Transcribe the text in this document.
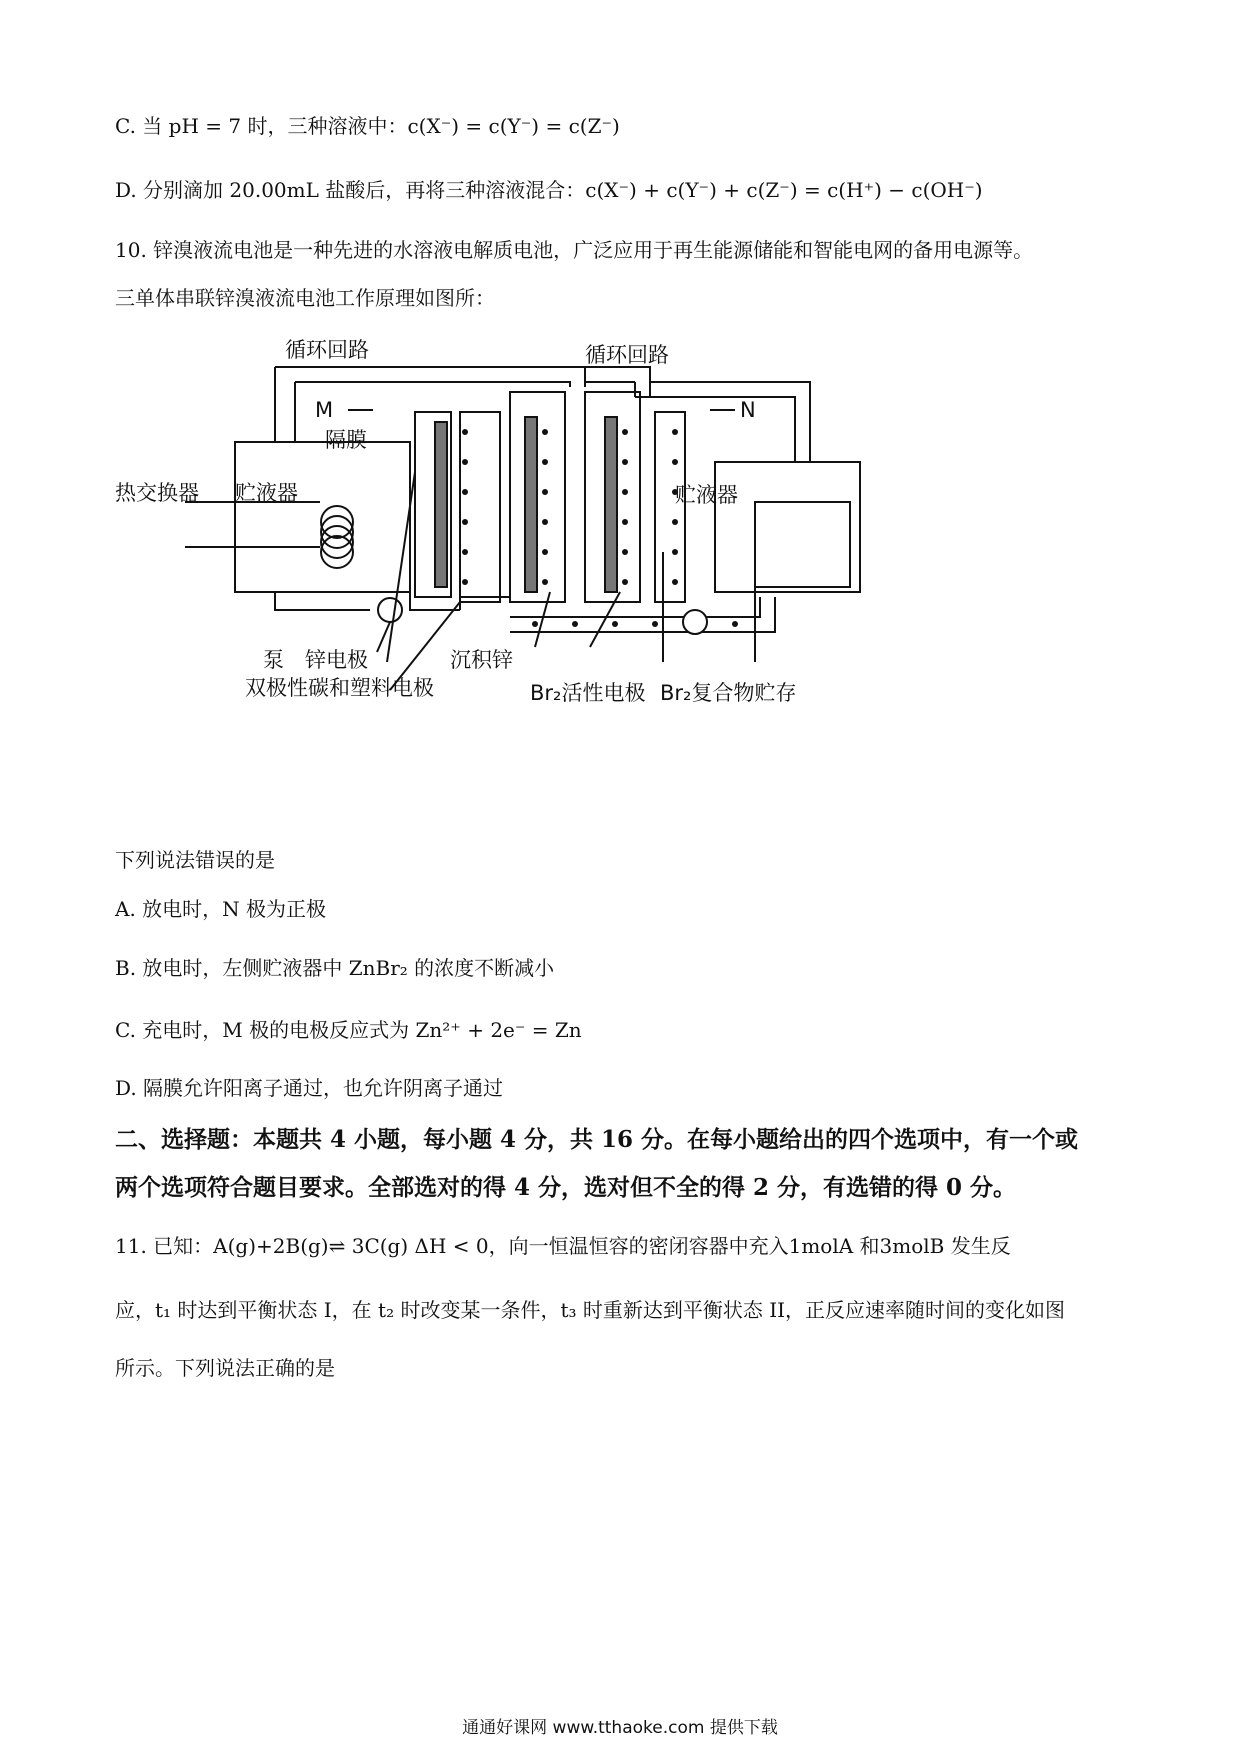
C. 当 pH = 7 时，三种溶液中：c(X⁻) = c(Y⁻) = c(Z⁻)
D. 分别滴加 20.00mL 盐酸后，再将三种溶液混合：c(X⁻) + c(Y⁻) + c(Z⁻) = c(H⁺) − c(OH⁻)
10. 锌溴液流电池是一种先进的水溶液电解质电池，广泛应用于再生能源储能和智能电网的备用电源等。
三单体串联锌溴液流电池工作原理如图所：
循环回路	循环回路
M	N
隔膜
热交换器 贮液器	贮液器
泵 锌电极	沉积锌
双极性碳和塑料电极	Br₂活性电极 Br₂复合物贮存
下列说法错误的是
A. 放电时，N 极为正极
B. 放电时，左侧贮液器中 ZnBr₂ 的浓度不断减小
C. 充电时，M 极的电极反应式为 Zn²⁺ + 2e⁻ = Zn
D. 隔膜允许阳离子通过，也允许阴离子通过
二、选择题：本题共 4 小题，每小题 4 分，共 16 分。在每小题给出的四个选项中，有一个或
两个选项符合题目要求。全部选对的得 4 分，选对但不全的得 2 分，有选错的得 0 分。
11. 已知：A(g)+2B(g)⇌ 3C(g) ΔH < 0，向一恒温恒容的密闭容器中充入1molA 和3molB 发生反
应，t₁ 时达到平衡状态 I，在 t₂ 时改变某一条件，t₃ 时重新达到平衡状态 II，正反应速率随时间的变化如图
所示。下列说法正确的是
通通好课网 www.tthaoke.com 提供下载
